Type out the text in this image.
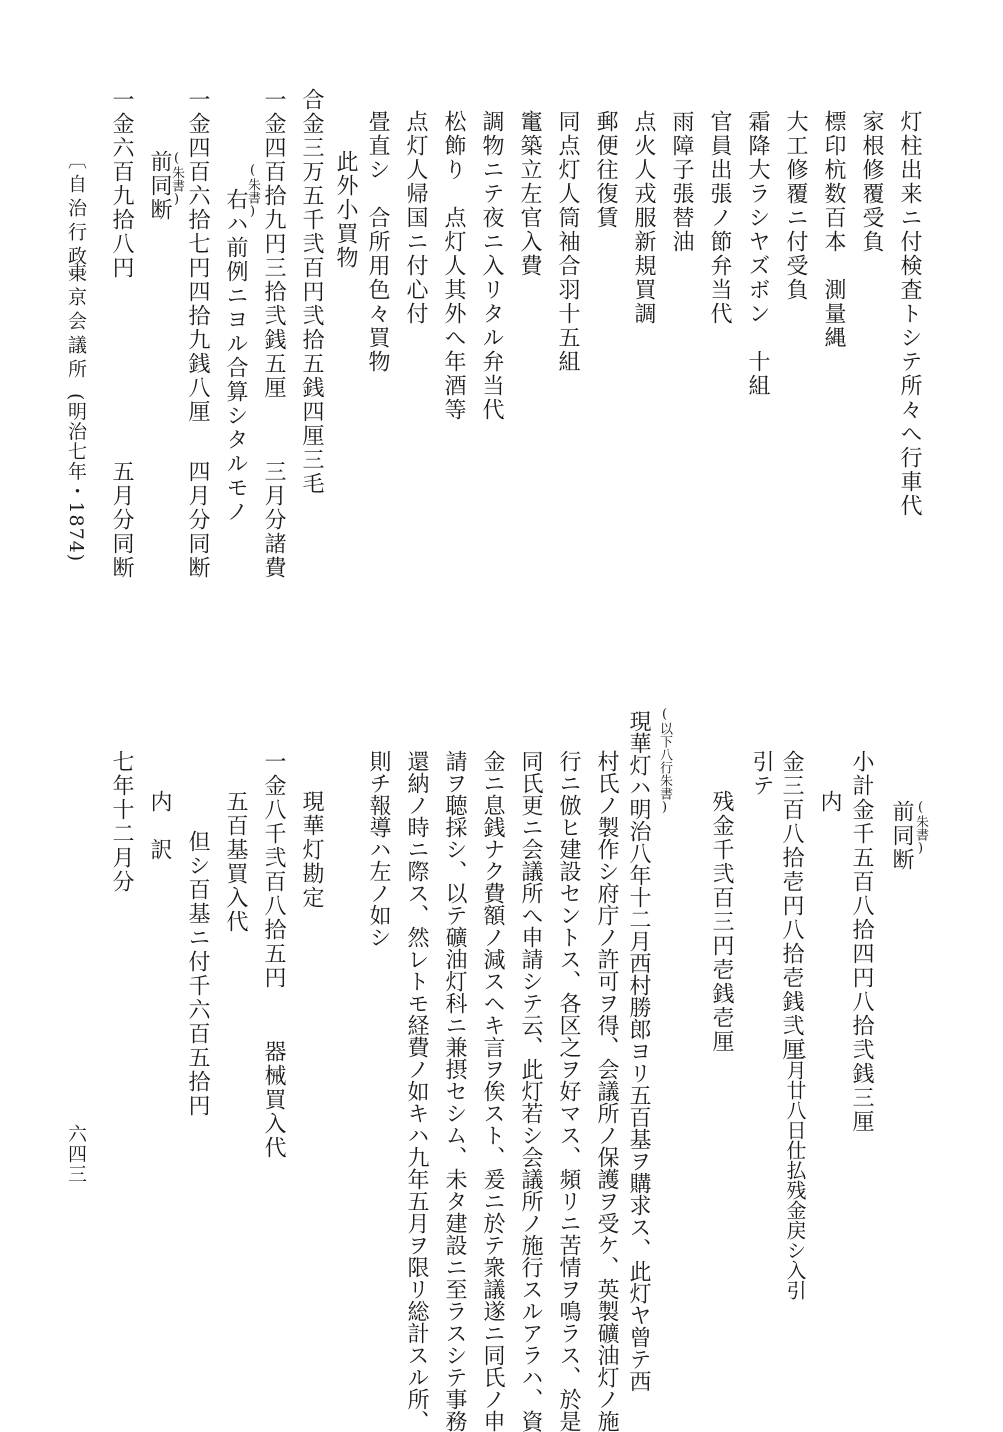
灯柱出来ニ付検査トシテ所々へ行車代
家根修覆受負
標印杭数百本　測量縄
大工修覆ニ付受負
霜降大ラシヤズボン　十組
官員出張ノ節弁当代
雨障子張替油
点火人戎服新規買調
郵便往復賃
同点灯人筒袖合羽十五組
竃築立左官入費
調物ニテ夜ニ入リタル弁当代
松飾り　点灯人其外へ年酒等
点灯人帰国ニ付心付
畳直シ　合所用色々買物
此外小買物
合金三万五千弐百円弐拾五銭四厘三毛
一金四百拾九円三拾弐銭五厘
(朱書)
右ハ前例ニヨル合算シタルモノ 三月分諸費
一金四百六拾七円四拾九銭八厘
(朱書)
前同断
四月分同断
一金六百九拾八円
五月分同断
〔自治行政〕
東京会議所
(明治七年・1874)
(朱書)
前同断
小計金千五百八拾四円八拾弐銭三厘
内
金三百八拾壱円八拾壱銭弐厘
三月廿八日仕払残金戻シ入引
引テ
残金千弐百三円壱銭壱厘
(以下八行朱書)
現華灯ハ明治八年十二月西村勝郎ヨリ五百基ヲ購求ス、此灯ヤ曾テ西
村氏ノ製作シ府庁ノ許可ヲ得、会議所ノ保護ヲ受ケ、英製礦油灯ノ施
行ニ倣ヒ建設セントス、各区之ヲ好マス、頻リニ苦情ヲ鳴ラス、於是
同氏更ニ会議所へ申請シテ云、此灯若シ会議所ノ施行スルアラハ、資
金ニ息銭ナク費額ノ減スヘキ言ヲ俟スト、爰ニ於テ衆議遂ニ同氏ノ申
請ヲ聴採シ、以テ礦油灯科ニ兼摂セシム、未タ建設ニ至ラスシテ事務
還納ノ時ニ際ス、然レトモ経費ノ如キハ九年五月ヲ限リ総計スル所、
則チ報導ハ左ノ如シ
現華灯勘定
一金八千弐百八拾五円
器械買入代
五百基買入代
但シ百基ニ付千六百五拾円
内　訳
七年十二月分
六四三
